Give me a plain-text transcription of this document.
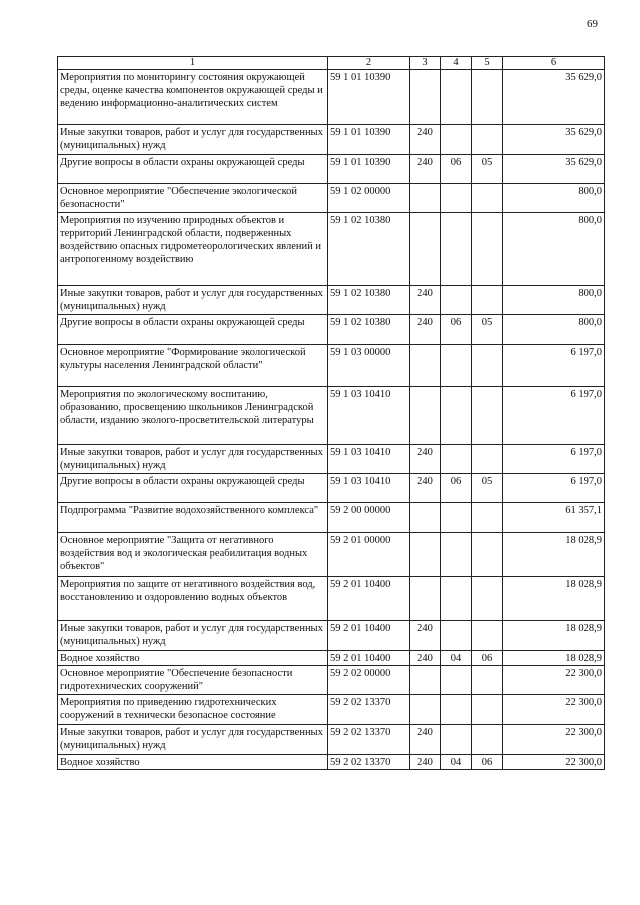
69
1	2	3	4	5	6
Мероприятия по мониторингу состояния окружающей среды, оценке качества компонентов окружающей среды и ведению информационно-аналитических систем	59 1 01 10390				35 629,0
Иные закупки товаров, работ и услуг для государственных (муниципальных) нужд	59 1 01 10390	240			35 629,0
Другие вопросы в области охраны окружающей среды	59 1 01 10390	240	06	05	35 629,0
Основное мероприятие "Обеспечение экологической безопасности"	59 1 02 00000				800,0
Мероприятия по изучению природных объектов и территорий Ленинградской области, подверженных воздействию опасных гидрометеорологических явлений и антропогенному воздействию	59 1 02 10380				800,0
Иные закупки товаров, работ и услуг для государственных (муниципальных) нужд	59 1 02 10380	240			800,0
Другие вопросы в области охраны окружающей среды	59 1 02 10380	240	06	05	800,0
Основное мероприятие "Формирование экологической культуры населения Ленинградской области"	59 1 03 00000				6 197,0
Мероприятия по экологическому воспитанию, образованию, просвещению школьников Ленинградской области, изданию эколого-просветительской литературы	59 1 03 10410				6 197,0
Иные закупки товаров, работ и услуг для государственных (муниципальных) нужд	59 1 03 10410	240			6 197,0
Другие вопросы в области охраны окружающей среды	59 1 03 10410	240	06	05	6 197,0
Подпрограмма "Развитие водохозяйственного комплекса"	59 2 00 00000				61 357,1
Основное мероприятие "Защита от негативного воздействия вод и экологическая реабилитация водных объектов"	59 2 01 00000				18 028,9
Мероприятия по защите от негативного воздействия вод, восстановлению и оздоровлению водных объектов	59 2 01 10400				18 028,9
Иные закупки товаров, работ и услуг для государственных (муниципальных) нужд	59 2 01 10400	240			18 028,9
Водное хозяйство	59 2 01 10400	240	04	06	18 028,9
Основное мероприятие "Обеспечение безопасности гидротехнических сооружений"	59 2 02 00000				22 300,0
Мероприятия по приведению гидротехнических сооружений в технически безопасное состояние	59 2 02 13370				22 300,0
Иные закупки товаров, работ и услуг для государственных (муниципальных) нужд	59 2 02 13370	240			22 300,0
Водное хозяйство	59 2 02 13370	240	04	06	22 300,0
